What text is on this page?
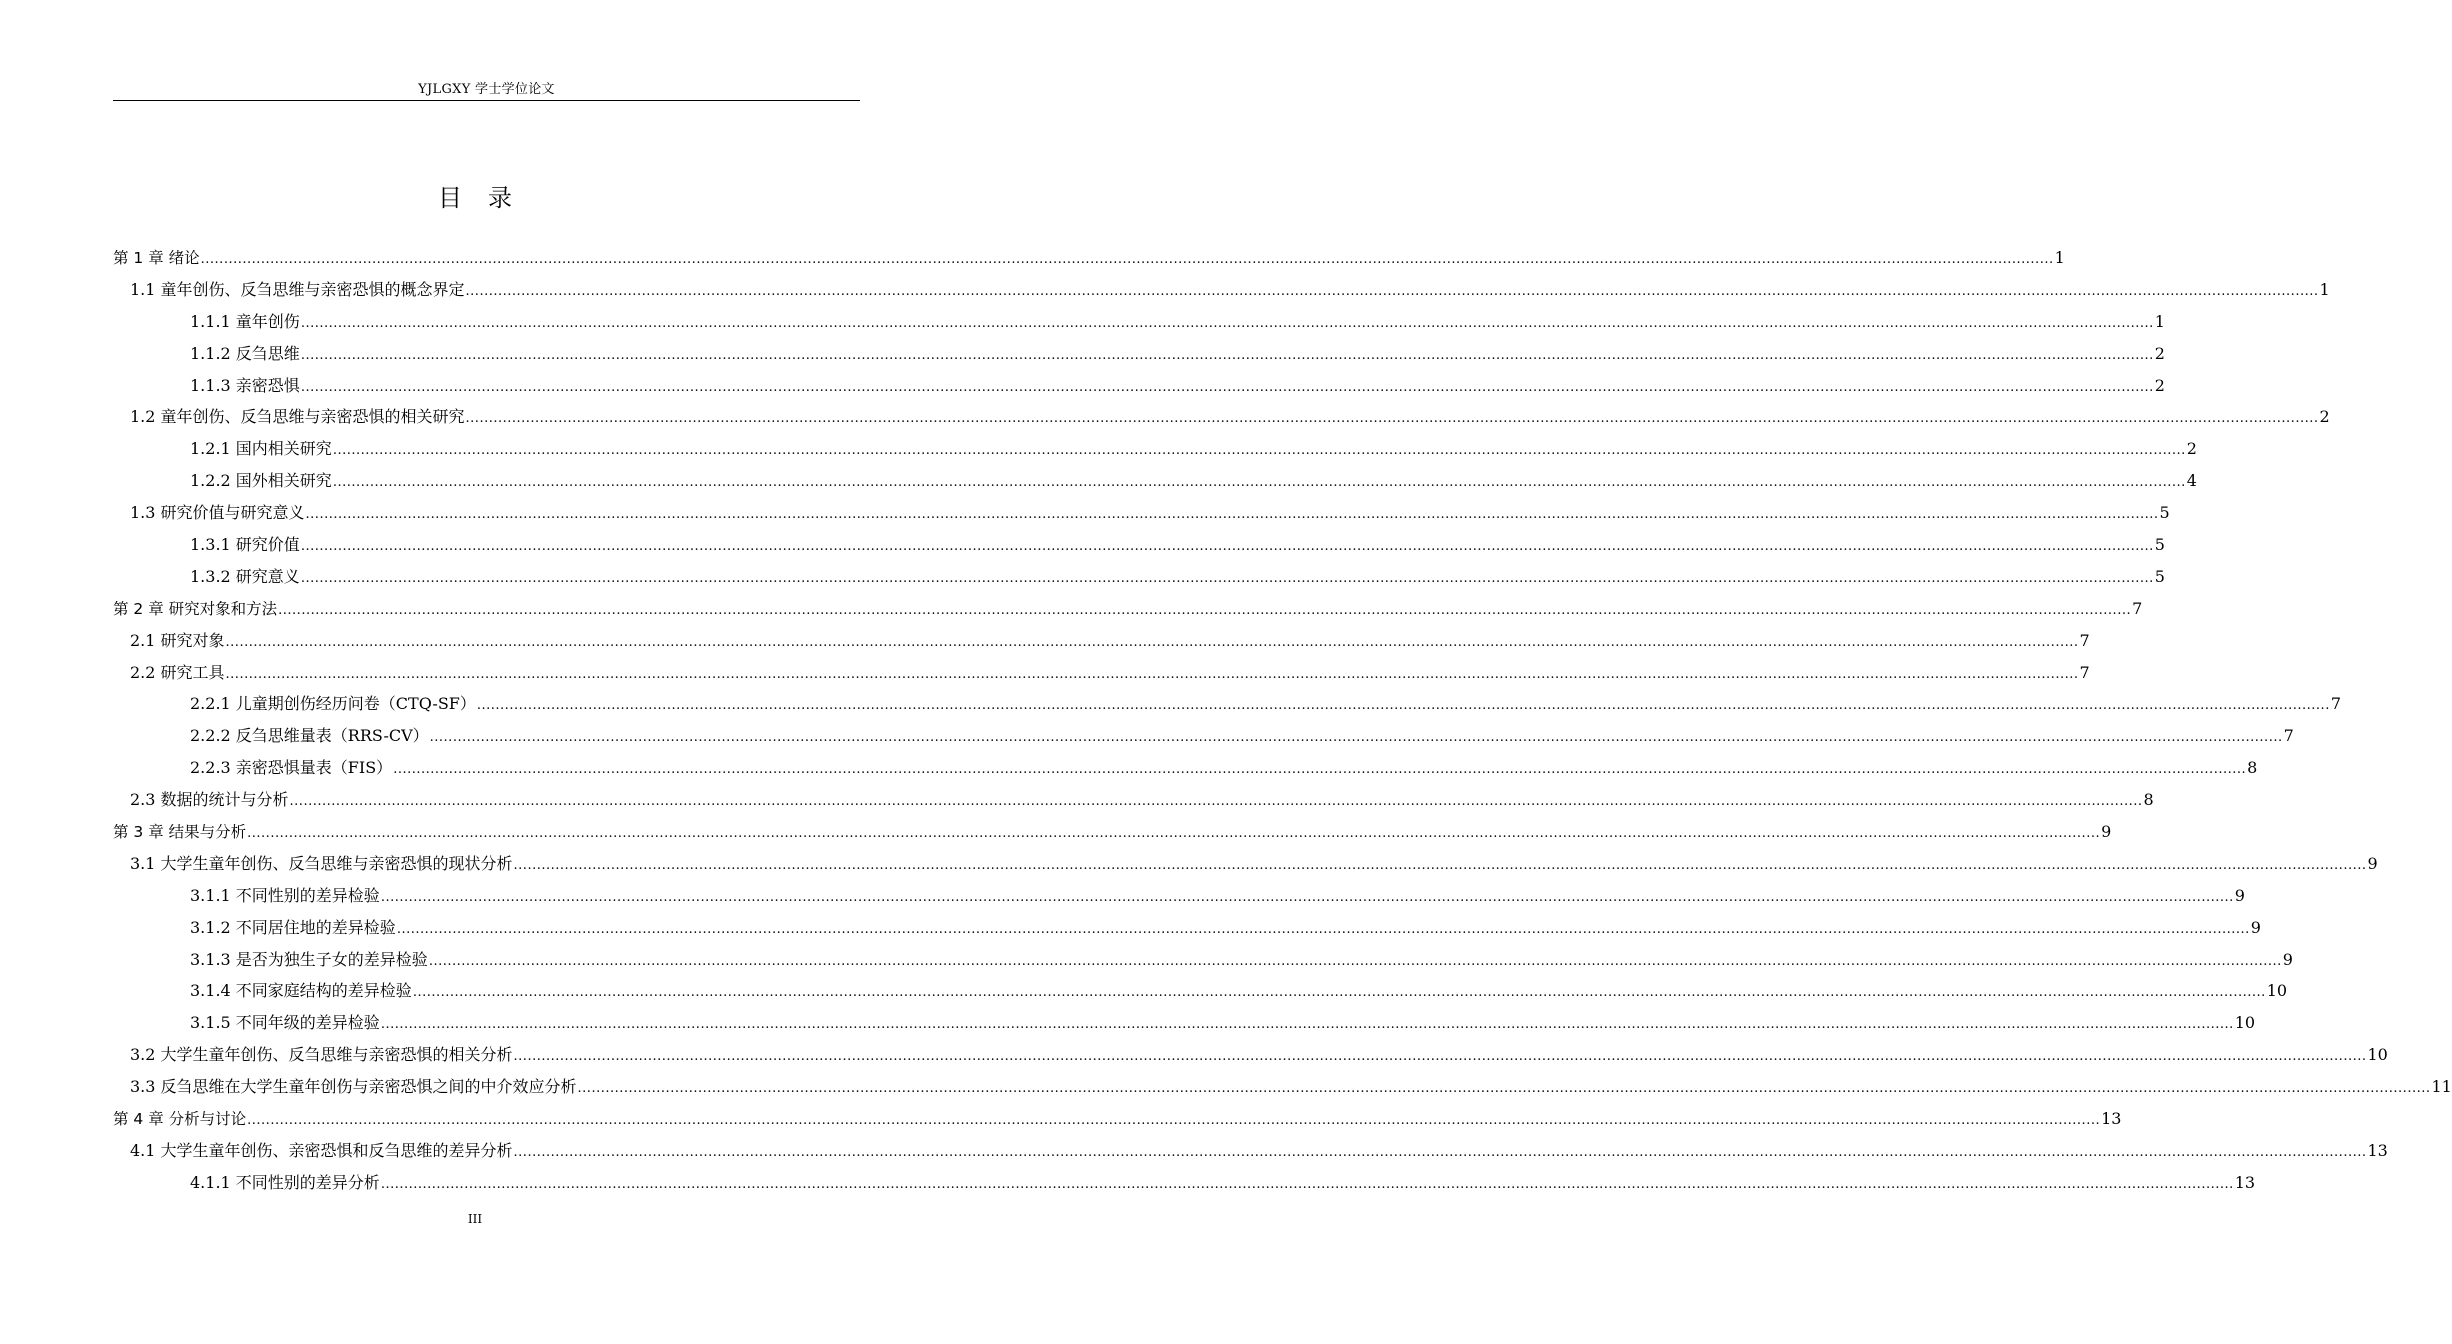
YJLGXY 学士学位论文
目录
第 1 章 绪论 ................................................................................................................................................................................................................................................................................................................................................................................................................ 1
1.1 童年创伤、反刍思维与亲密恐惧的概念界定 ................................................................................................................................................................................................................................................................................................................................................................................................................ 1
1.1.1 童年创伤 ................................................................................................................................................................................................................................................................................................................................................................................................................ 1
1.1.2 反刍思维 ................................................................................................................................................................................................................................................................................................................................................................................................................ 2
1.1.3 亲密恐惧 ................................................................................................................................................................................................................................................................................................................................................................................................................ 2
1.2 童年创伤、反刍思维与亲密恐惧的相关研究 ................................................................................................................................................................................................................................................................................................................................................................................................................ 2
1.2.1 国内相关研究 ................................................................................................................................................................................................................................................................................................................................................................................................................ 2
1.2.2 国外相关研究 ................................................................................................................................................................................................................................................................................................................................................................................................................ 4
1.3 研究价值与研究意义 ................................................................................................................................................................................................................................................................................................................................................................................................................ 5
1.3.1 研究价值 ................................................................................................................................................................................................................................................................................................................................................................................................................ 5
1.3.2 研究意义 ................................................................................................................................................................................................................................................................................................................................................................................................................ 5
第 2 章 研究对象和方法 ................................................................................................................................................................................................................................................................................................................................................................................................................ 7
2.1 研究对象 ................................................................................................................................................................................................................................................................................................................................................................................................................ 7
2.2 研究工具 ................................................................................................................................................................................................................................................................................................................................................................................................................ 7
2.2.1 儿童期创伤经历问卷（CTQ-SF） ................................................................................................................................................................................................................................................................................................................................................................................................................ 7
2.2.2 反刍思维量表（RRS-CV） ................................................................................................................................................................................................................................................................................................................................................................................................................ 7
2.2.3 亲密恐惧量表（FIS） ................................................................................................................................................................................................................................................................................................................................................................................................................ 8
2.3 数据的统计与分析 ................................................................................................................................................................................................................................................................................................................................................................................................................ 8
第 3 章 结果与分析 ................................................................................................................................................................................................................................................................................................................................................................................................................ 9
3.1 大学生童年创伤、反刍思维与亲密恐惧的现状分析 ................................................................................................................................................................................................................................................................................................................................................................................................................ 9
3.1.1 不同性别的差异检验 ................................................................................................................................................................................................................................................................................................................................................................................................................ 9
3.1.2 不同居住地的差异检验 ................................................................................................................................................................................................................................................................................................................................................................................................................ 9
3.1.3 是否为独生子女的差异检验 ................................................................................................................................................................................................................................................................................................................................................................................................................ 9
3.1.4 不同家庭结构的差异检验 ................................................................................................................................................................................................................................................................................................................................................................................................................ 10
3.1.5 不同年级的差异检验 ................................................................................................................................................................................................................................................................................................................................................................................................................ 10
3.2 大学生童年创伤、反刍思维与亲密恐惧的相关分析 ................................................................................................................................................................................................................................................................................................................................................................................................................ 10
3.3 反刍思维在大学生童年创伤与亲密恐惧之间的中介效应分析 ................................................................................................................................................................................................................................................................................................................................................................................................................ 11
第 4 章 分析与讨论 ................................................................................................................................................................................................................................................................................................................................................................................................................ 13
4.1 大学生童年创伤、亲密恐惧和反刍思维的差异分析 ................................................................................................................................................................................................................................................................................................................................................................................................................ 13
4.1.1 不同性别的差异分析 ................................................................................................................................................................................................................................................................................................................................................................................................................ 13
III
